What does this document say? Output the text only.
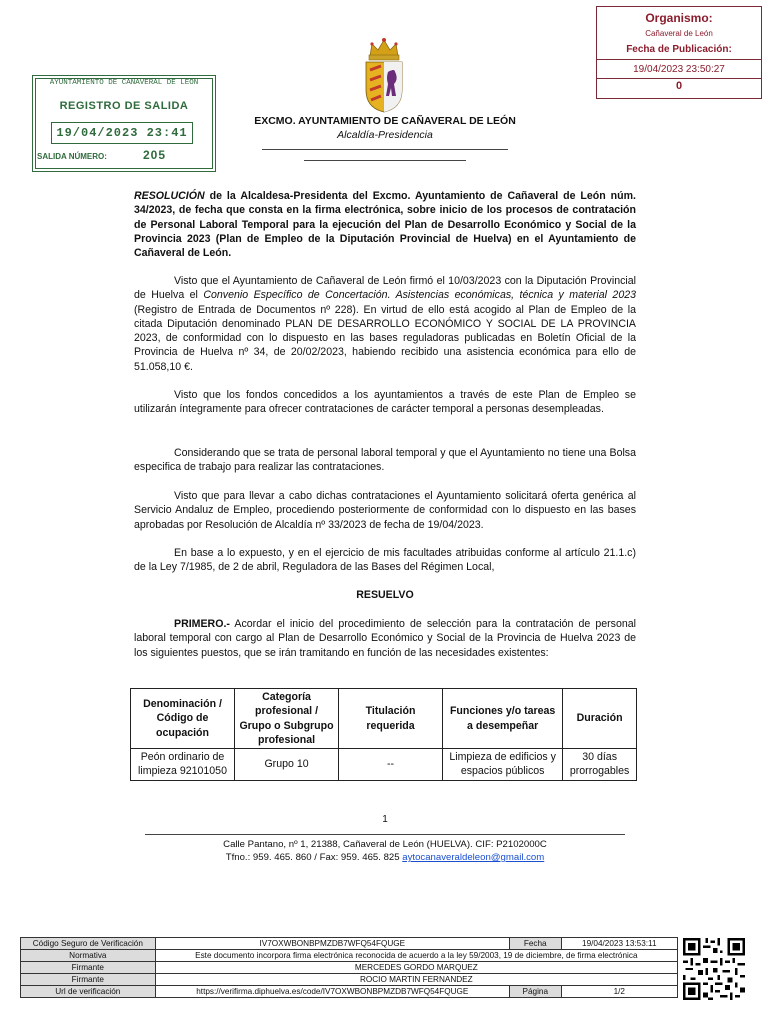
Organismo:
Cañaveral de León
Fecha de Publicación:
19/04/2023 23:50:27
0
AYUNTAMIENTO DE CAÑAVERAL DE LEON
REGISTRO DE SALIDA
19/04/2023 23:41
SALIDA NÚMERO:	205
EXCMO. AYUNTAMIENTO DE CAÑAVERAL DE LEÓN
Alcaldía-Presidencia
RESOLUCIÓN de la Alcaldesa-Presidenta del Excmo. Ayuntamiento de Cañaveral de León núm. 34/2023, de fecha que consta en la firma electrónica, sobre inicio de los procesos de contratación de Personal Laboral Temporal para la ejecución del Plan de Desarrollo Económico y Social de la Provincia 2023 (Plan de Empleo de la Diputación Provincial de Huelva) en el Ayuntamiento de Cañaveral de León.
Visto que el Ayuntamiento de Cañaveral de León firmó el 10/03/2023 con la Diputación Provincial de Huelva el Convenio Específico de Concertación. Asistencias económicas, técnica y material 2023 (Registro de Entrada de Documentos nº 228). En virtud de ello está acogido al Plan de Empleo de la citada Diputación denominado PLAN DE DESARROLLO ECONÓMICO Y SOCIAL DE LA PROVINCIA 2023, de conformidad con lo dispuesto en las bases reguladoras publicadas en Boletín Oficial de la Provincia de Huelva nº 34, de 20/02/2023, habiendo recibido una asistencia económica para ello de 51.058,10 €.
Visto que los fondos concedidos a los ayuntamientos a través de este Plan de Empleo se utilizarán íntegramente para ofrecer contrataciones de carácter temporal a personas desempleadas.
Considerando que se trata de personal laboral temporal y que el Ayuntamiento no tiene una Bolsa especifica de trabajo para realizar las contrataciones.
Visto que para llevar a cabo dichas contrataciones el Ayuntamiento solicitará oferta genérica al Servicio Andaluz de Empleo, procediendo posteriormente de conformidad con lo dispuesto en las bases aprobadas por Resolución de Alcaldía nº 33/2023 de fecha de 19/04/2023.
En base a lo expuesto, y en el ejercicio de mis facultades atribuidas conforme al artículo 21.1.c) de la Ley 7/1985, de 2 de abril, Reguladora de las Bases del Régimen Local,
RESUELVO
PRIMERO.- Acordar el inicio del procedimiento de selección para la contratación de personal laboral temporal con cargo al Plan de Desarrollo Económico y Social de la Provincia de Huelva 2023 de los siguientes puestos, que se irán tramitando en función de las necesidades existentes:
Denominación / Código de ocupación	Categoría profesional / Grupo o Subgrupo profesional	Titulación requerida	Funciones y/o tareas a desempeñar	Duración
Peón ordinario de limpieza 92101050	Grupo 10	--	Limpieza de edificios y espacios públicos	30 días prorrogables
1
Calle Pantano, nº 1, 21388, Cañaveral de León (HUELVA). CIF: P2102000C
Tfno.: 959. 465. 860 / Fax: 959. 465. 825 aytocanaveraldeleon@gmail.com
Código Seguro de Verificación	IV7OXWBONBPMZDB7WFQ54FQUGE	Fecha	19/04/2023 13:53:11
Normativa	Este documento incorpora firma electrónica reconocida de acuerdo a la ley 59/2003, 19 de diciembre, de firma electrónica		
Firmante	MERCEDES GORDO MARQUEZ		
Firmante	ROCIO MARTIN FERNANDEZ		
Url de verificación	https://verifirma.diphuelva.es/code/IV7OXWBONBPMZDB7WFQ54FQUGE	Página	1/2
